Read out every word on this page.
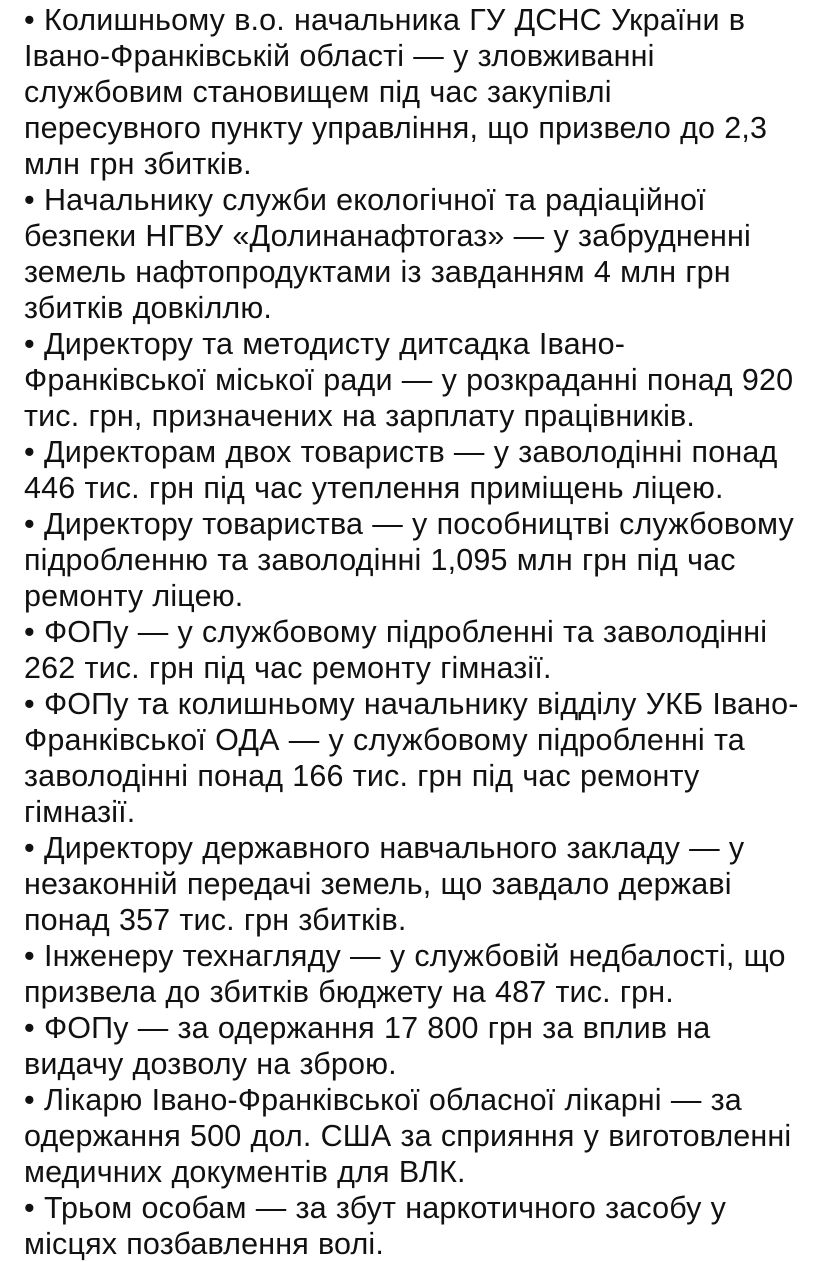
• Колишньому в.о. начальника ГУ ДСНС України в
Івано-Франківській області — у зловживанні
службовим становищем під час закупівлі
пересувного пункту управління, що призвело до 2,3
млн грн збитків.
• Начальнику служби екологічної та радіаційної
безпеки НГВУ «Долинанафтогаз» — у забрудненні
земель нафтопродуктами із завданням 4 млн грн
збитків довкіллю.
• Директору та методисту дитсадка Івано-
Франківської міської ради — у розкраданні понад 920
тис. грн, призначених на зарплату працівників.
• Директорам двох товариств — у заволодінні понад
446 тис. грн під час утеплення приміщень ліцею.
• Директору товариства — у пособництві службовому
підробленню та заволодінні 1,095 млн грн під час
ремонту ліцею.
• ФОПу — у службовому підробленні та заволодінні
262 тис. грн під час ремонту гімназії.
• ФОПу та колишньому начальнику відділу УКБ Івано-
Франківської ОДА — у службовому підробленні та
заволодінні понад 166 тис. грн під час ремонту
гімназії.
• Директору державного навчального закладу — у
незаконній передачі земель, що завдало державі
понад 357 тис. грн збитків.
• Інженеру технагляду — у службовій недбалості, що
призвела до збитків бюджету на 487 тис. грн.
• ФОПу — за одержання 17 800 грн за вплив на
видачу дозволу на зброю.
• Лікарю Івано-Франківської обласної лікарні — за
одержання 500 дол. США за сприяння у виготовленні
медичних документів для ВЛК.
• Трьом особам — за збут наркотичного засобу у
місцях позбавлення волі.
